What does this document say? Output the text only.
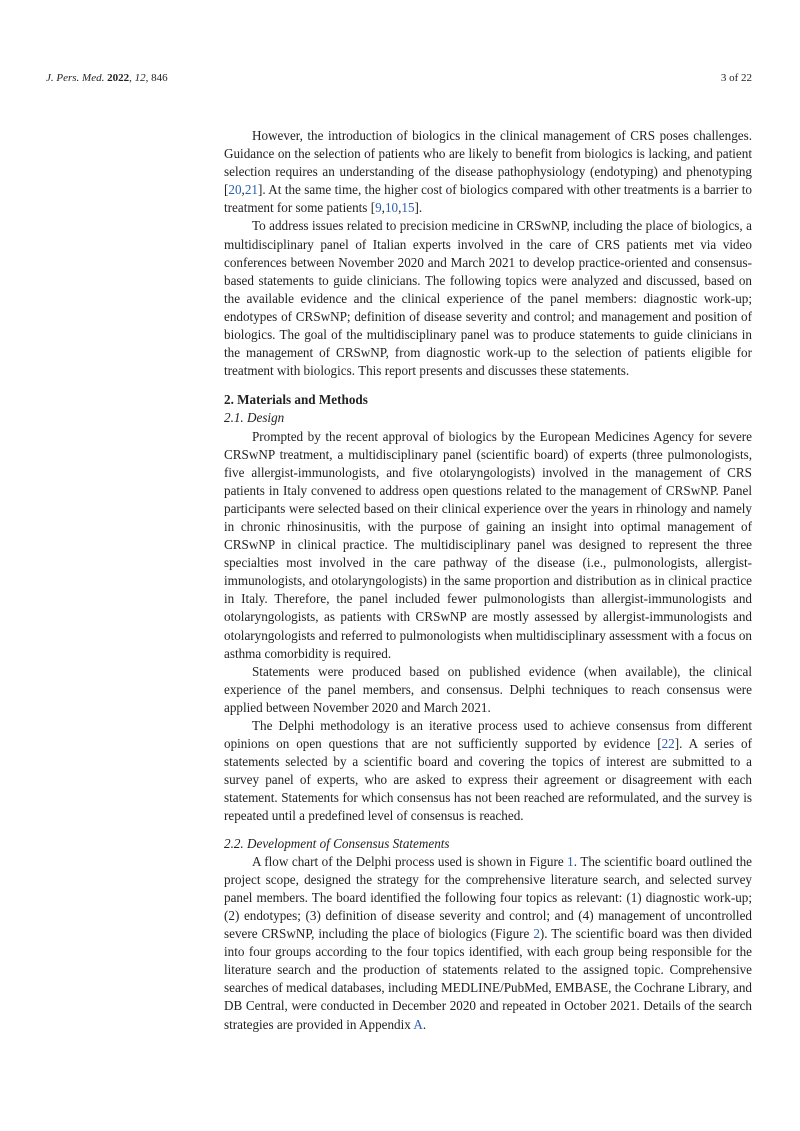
J. Pers. Med. 2022, 12, 846	3 of 22

However, the introduction of biologics in the clinical management of CRS poses challenges. Guidance on the selection of patients who are likely to benefit from biologics is lacking, and patient selection requires an understanding of the disease pathophysiology (endotyping) and phenotyping [20,21]. At the same time, the higher cost of biologics compared with other treatments is a barrier to treatment for some patients [9,10,15].

To address issues related to precision medicine in CRSwNP, including the place of biologics, a multidisciplinary panel of Italian experts involved in the care of CRS patients met via video conferences between November 2020 and March 2021 to develop practice-oriented and consensus-based statements to guide clinicians. The following topics were analyzed and discussed, based on the available evidence and the clinical experience of the panel members: diagnostic work-up; endotypes of CRSwNP; definition of disease severity and control; and management and position of biologics. The goal of the multidisciplinary panel was to produce statements to guide clinicians in the management of CRSwNP, from diagnostic work-up to the selection of patients eligible for treatment with biologics. This report presents and discusses these statements.

2. Materials and Methods
2.1. Design

Prompted by the recent approval of biologics by the European Medicines Agency for severe CRSwNP treatment, a multidisciplinary panel (scientific board) of experts (three pulmonologists, five allergist-immunologists, and five otolaryngologists) involved in the management of CRS patients in Italy convened to address open questions related to the management of CRSwNP. Panel participants were selected based on their clinical experience over the years in rhinology and namely in chronic rhinosinusitis, with the purpose of gaining an insight into optimal management of CRSwNP in clinical practice. The multidisciplinary panel was designed to represent the three specialties most involved in the care pathway of the disease (i.e., pulmonologists, allergist-immunologists, and otolaryngologists) in the same proportion and distribution as in clinical practice in Italy. Therefore, the panel included fewer pulmonologists than allergist-immunologists and otolaryngologists, as patients with CRSwNP are mostly assessed by allergist-immunologists and otolaryngologists and referred to pulmonologists when multidisciplinary assessment with a focus on asthma comorbidity is required.

Statements were produced based on published evidence (when available), the clinical experience of the panel members, and consensus. Delphi techniques to reach consensus were applied between November 2020 and March 2021.

The Delphi methodology is an iterative process used to achieve consensus from different opinions on open questions that are not sufficiently supported by evidence [22]. A series of statements selected by a scientific board and covering the topics of interest are submitted to a survey panel of experts, who are asked to express their agreement or disagreement with each statement. Statements for which consensus has not been reached are reformulated, and the survey is repeated until a predefined level of consensus is reached.

2.2. Development of Consensus Statements

A flow chart of the Delphi process used is shown in Figure 1. The scientific board outlined the project scope, designed the strategy for the comprehensive literature search, and selected survey panel members. The board identified the following four topics as relevant: (1) diagnostic work-up; (2) endotypes; (3) definition of disease severity and control; and (4) management of uncontrolled severe CRSwNP, including the place of biologics (Figure 2). The scientific board was then divided into four groups according to the four topics identified, with each group being responsible for the literature search and the production of statements related to the assigned topic. Comprehensive searches of medical databases, including MEDLINE/PubMed, EMBASE, the Cochrane Library, and DB Central, were conducted in December 2020 and repeated in October 2021. Details of the search strategies are provided in Appendix A.
